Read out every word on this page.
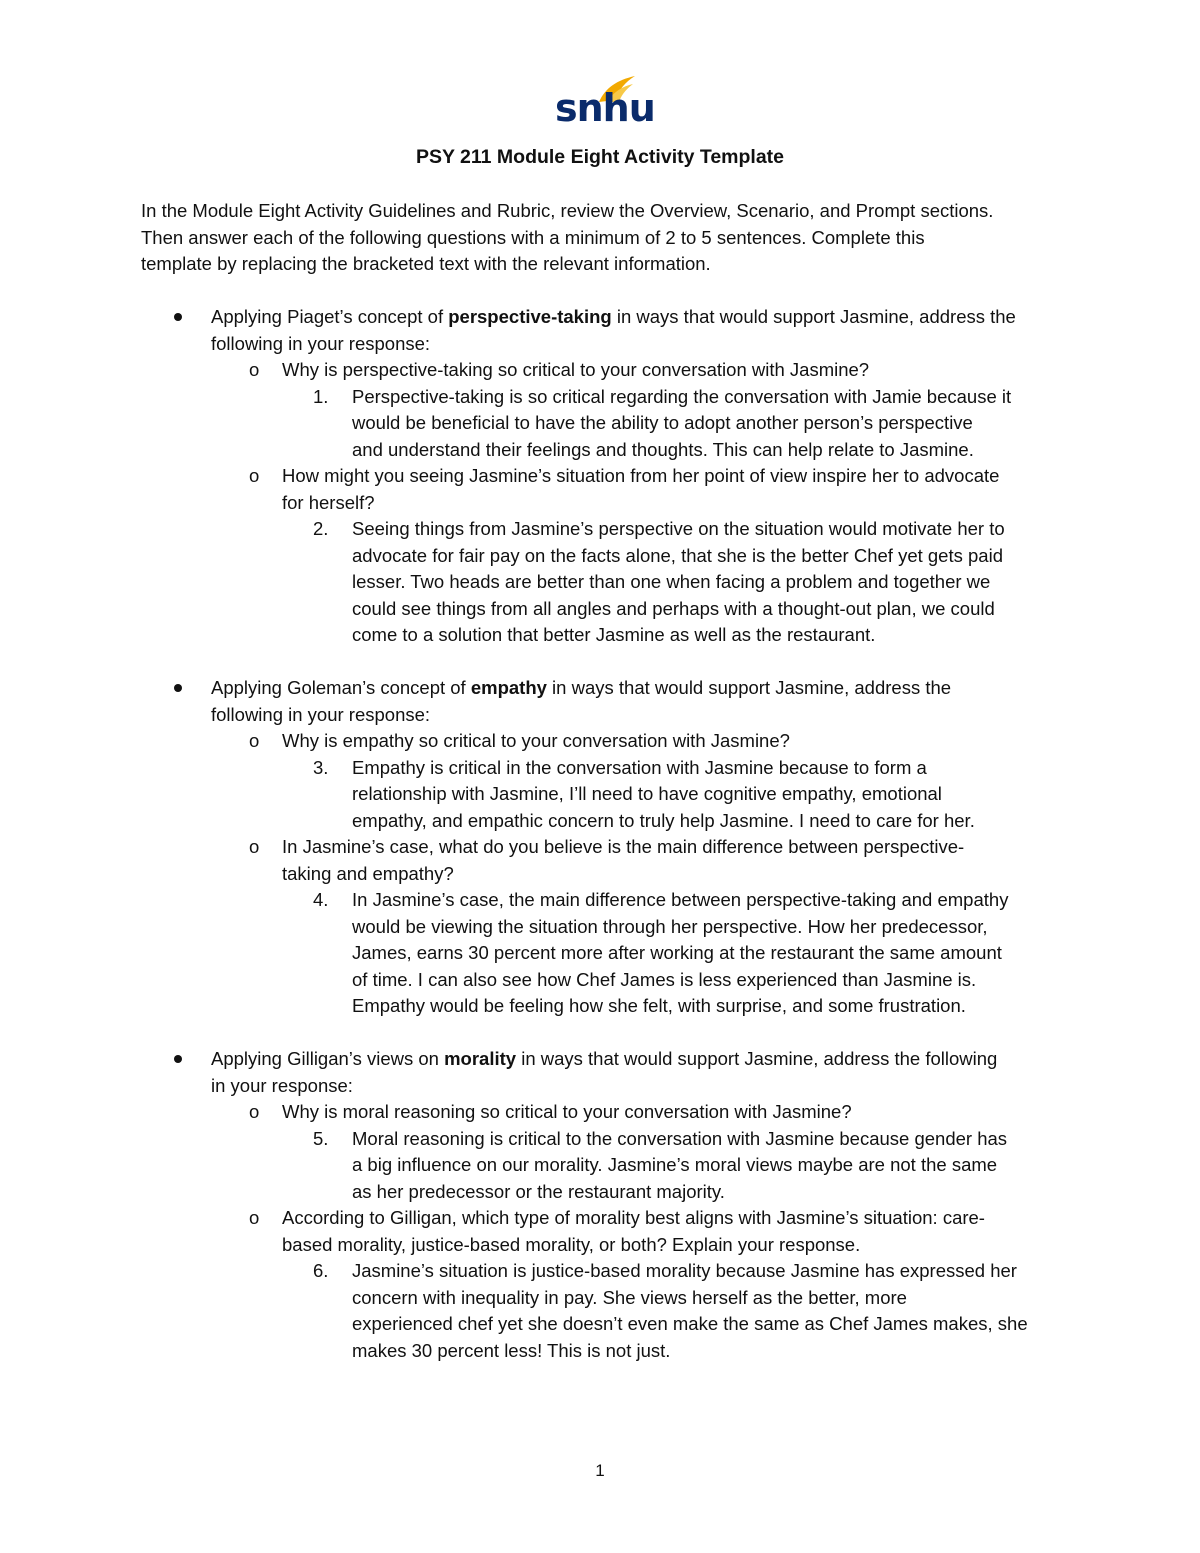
snhu
PSY 211 Module Eight Activity Template

In the Module Eight Activity Guidelines and Rubric, review the Overview, Scenario, and Prompt sections.

Then answer each of the following questions with a minimum of 2 to 5 sentences. Complete this

template by replacing the bracketed text with the relevant information.

Applying Piaget’s concept of perspective-taking in ways that would support Jasmine, address the
following in your response:
o Why is perspective-taking so critical to your conversation with Jasmine?
1. Perspective-taking is so critical regarding the conversation with Jamie because it
would be beneficial to have the ability to adopt another person’s perspective
and understand their feelings and thoughts. This can help relate to Jasmine.
o How might you seeing Jasmine’s situation from her point of view inspire her to advocate
for herself?
2. Seeing things from Jasmine’s perspective on the situation would motivate her to
advocate for fair pay on the facts alone, that she is the better Chef yet gets paid
lesser. Two heads are better than one when facing a problem and together we
could see things from all angles and perhaps with a thought-out plan, we could
come to a solution that better Jasmine as well as the restaurant.
Applying Goleman’s concept of empathy in ways that would support Jasmine, address the
following in your response:
o Why is empathy so critical to your conversation with Jasmine?
3. Empathy is critical in the conversation with Jasmine because to form a
relationship with Jasmine, I’ll need to have cognitive empathy, emotional
empathy, and empathic concern to truly help Jasmine. I need to care for her.
o In Jasmine’s case, what do you believe is the main difference between perspective-
taking and empathy?
4. In Jasmine’s case, the main difference between perspective-taking and empathy
would be viewing the situation through her perspective. How her predecessor,
James, earns 30 percent more after working at the restaurant the same amount
of time. I can also see how Chef James is less experienced than Jasmine is.
Empathy would be feeling how she felt, with surprise, and some frustration.
Applying Gilligan’s views on morality in ways that would support Jasmine, address the following
in your response:
o Why is moral reasoning so critical to your conversation with Jasmine?
5. Moral reasoning is critical to the conversation with Jasmine because gender has
a big influence on our morality. Jasmine’s moral views maybe are not the same
as her predecessor or the restaurant majority.
o According to Gilligan, which type of morality best aligns with Jasmine’s situation: care-
based morality, justice-based morality, or both? Explain your response.
6. Jasmine’s situation is justice-based morality because Jasmine has expressed her
concern with inequality in pay. She views herself as the better, more
experienced chef yet she doesn’t even make the same as Chef James makes, she
makes 30 percent less! This is not just.
1
